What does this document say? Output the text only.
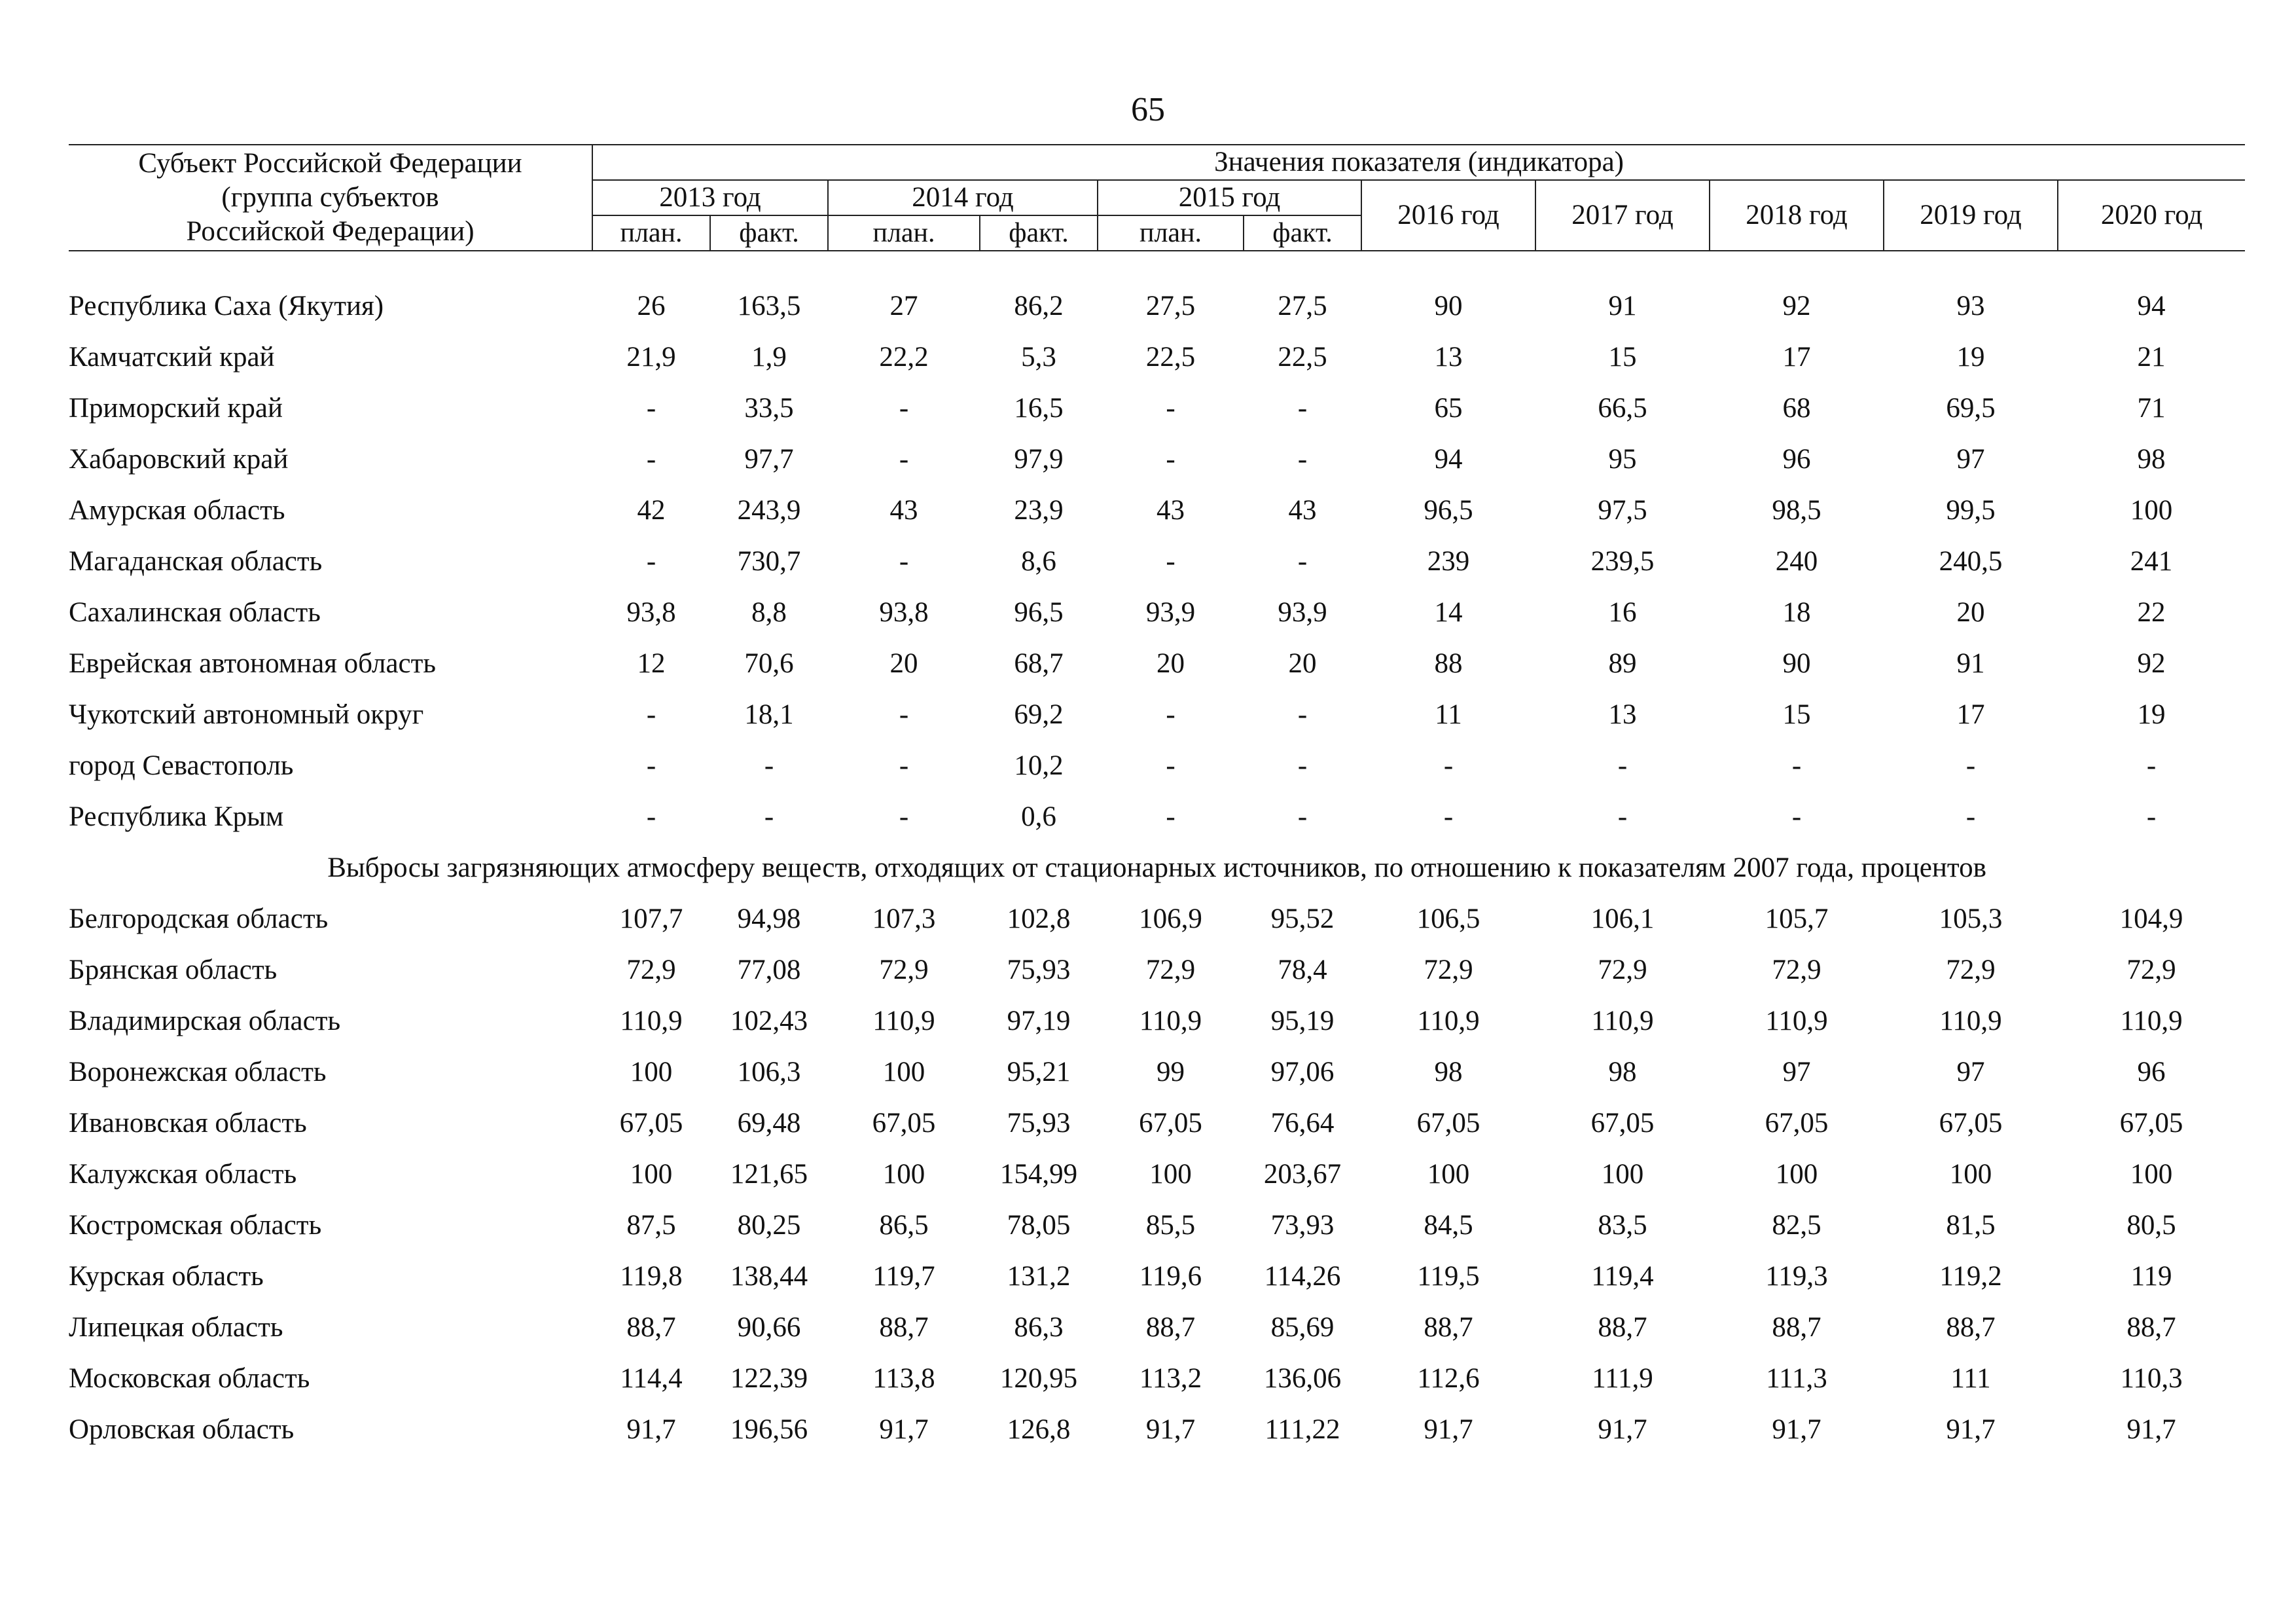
65
Субъект Российской Федерации
(группа субъектов
Российской Федерации)	Значения показателя (индикатора)										
	2013 год		2014 год		2015 год		2016 год	2017 год	2018 год	2019 год	2020 год
	план.	факт.	план.	факт.	план.	факт.					

Республика Саха (Якутия)	26	163,5	27	86,2	27,5	27,5	90	91	92	93	94
Камчатский край	21,9	1,9	22,2	5,3	22,5	22,5	13	15	17	19	21
Приморский край	-	33,5	-	16,5	-	-	65	66,5	68	69,5	71
Хабаровский край	-	97,7	-	97,9	-	-	94	95	96	97	98
Амурская область	42	243,9	43	23,9	43	43	96,5	97,5	98,5	99,5	100
Магаданская область	-	730,7	-	8,6	-	-	239	239,5	240	240,5	241
Сахалинская область	93,8	8,8	93,8	96,5	93,9	93,9	14	16	18	20	22
Еврейская автономная область	12	70,6	20	68,7	20	20	88	89	90	91	92
Чукотский автономный округ	-	18,1	-	69,2	-	-	11	13	15	17	19
город Севастополь	-	-	-	10,2	-	-	-	-	-	-	-
Республика Крым	-	-	-	0,6	-	-	-	-	-	-	-
Выбросы загрязняющих атмосферу веществ, отходящих от стационарных источников, по отношению к показателям 2007 года, процентов											
Белгородская область	107,7	94,98	107,3	102,8	106,9	95,52	106,5	106,1	105,7	105,3	104,9
Брянская область	72,9	77,08	72,9	75,93	72,9	78,4	72,9	72,9	72,9	72,9	72,9
Владимирская область	110,9	102,43	110,9	97,19	110,9	95,19	110,9	110,9	110,9	110,9	110,9
Воронежская область	100	106,3	100	95,21	99	97,06	98	98	97	97	96
Ивановская область	67,05	69,48	67,05	75,93	67,05	76,64	67,05	67,05	67,05	67,05	67,05
Калужская область	100	121,65	100	154,99	100	203,67	100	100	100	100	100
Костромская область	87,5	80,25	86,5	78,05	85,5	73,93	84,5	83,5	82,5	81,5	80,5
Курская область	119,8	138,44	119,7	131,2	119,6	114,26	119,5	119,4	119,3	119,2	119
Липецкая область	88,7	90,66	88,7	86,3	88,7	85,69	88,7	88,7	88,7	88,7	88,7
Московская область	114,4	122,39	113,8	120,95	113,2	136,06	112,6	111,9	111,3	111	110,3
Орловская область	91,7	196,56	91,7	126,8	91,7	111,22	91,7	91,7	91,7	91,7	91,7
